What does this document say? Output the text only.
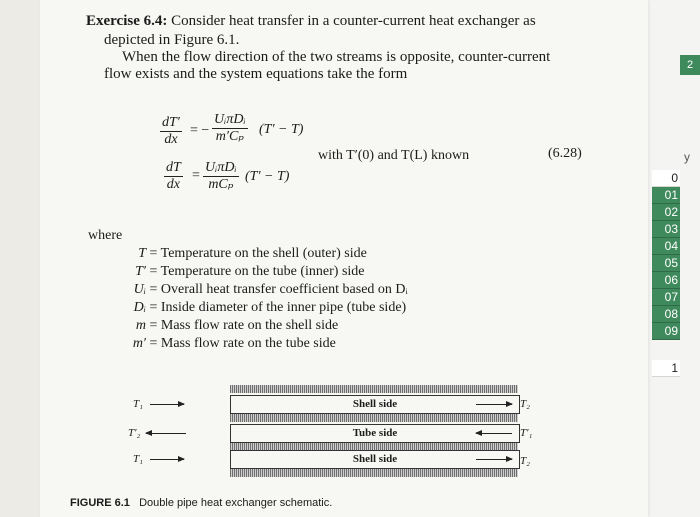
2
y
0
01
02
03
04
05
06
07
08
09
1
Exercise 6.4: Consider heat transfer in a counter-current heat exchanger as
depicted in Figure 6.1.
When the flow direction of the two streams is opposite, counter-current
flow exists and the system equations take the form
$\frac{dT'}{dx}$ = −
UᵢπDᵢ
m′Cₚ (T′ − T)
$\frac{dT}{dx}$ =
UᵢπDᵢ
mCₚ
(T′ − T)
with T′(0) and T(L) known	(6.28)
where
T = Temperature on the shell (outer) side
T′ = Temperature on the tube (inner) side
Uᵢ = Overall heat transfer coefficient based on Dᵢ
Dᵢ = Inside diameter of the inner pipe (tube side)
m = Mass flow rate on the shell side
m′ = Mass flow rate on the tube side
Shell side
Tube side
Shell side
T₁
T′₂
T₁
T₂
T′₁
T₂
FIGURE 6.1 Double pipe heat exchanger schematic.
